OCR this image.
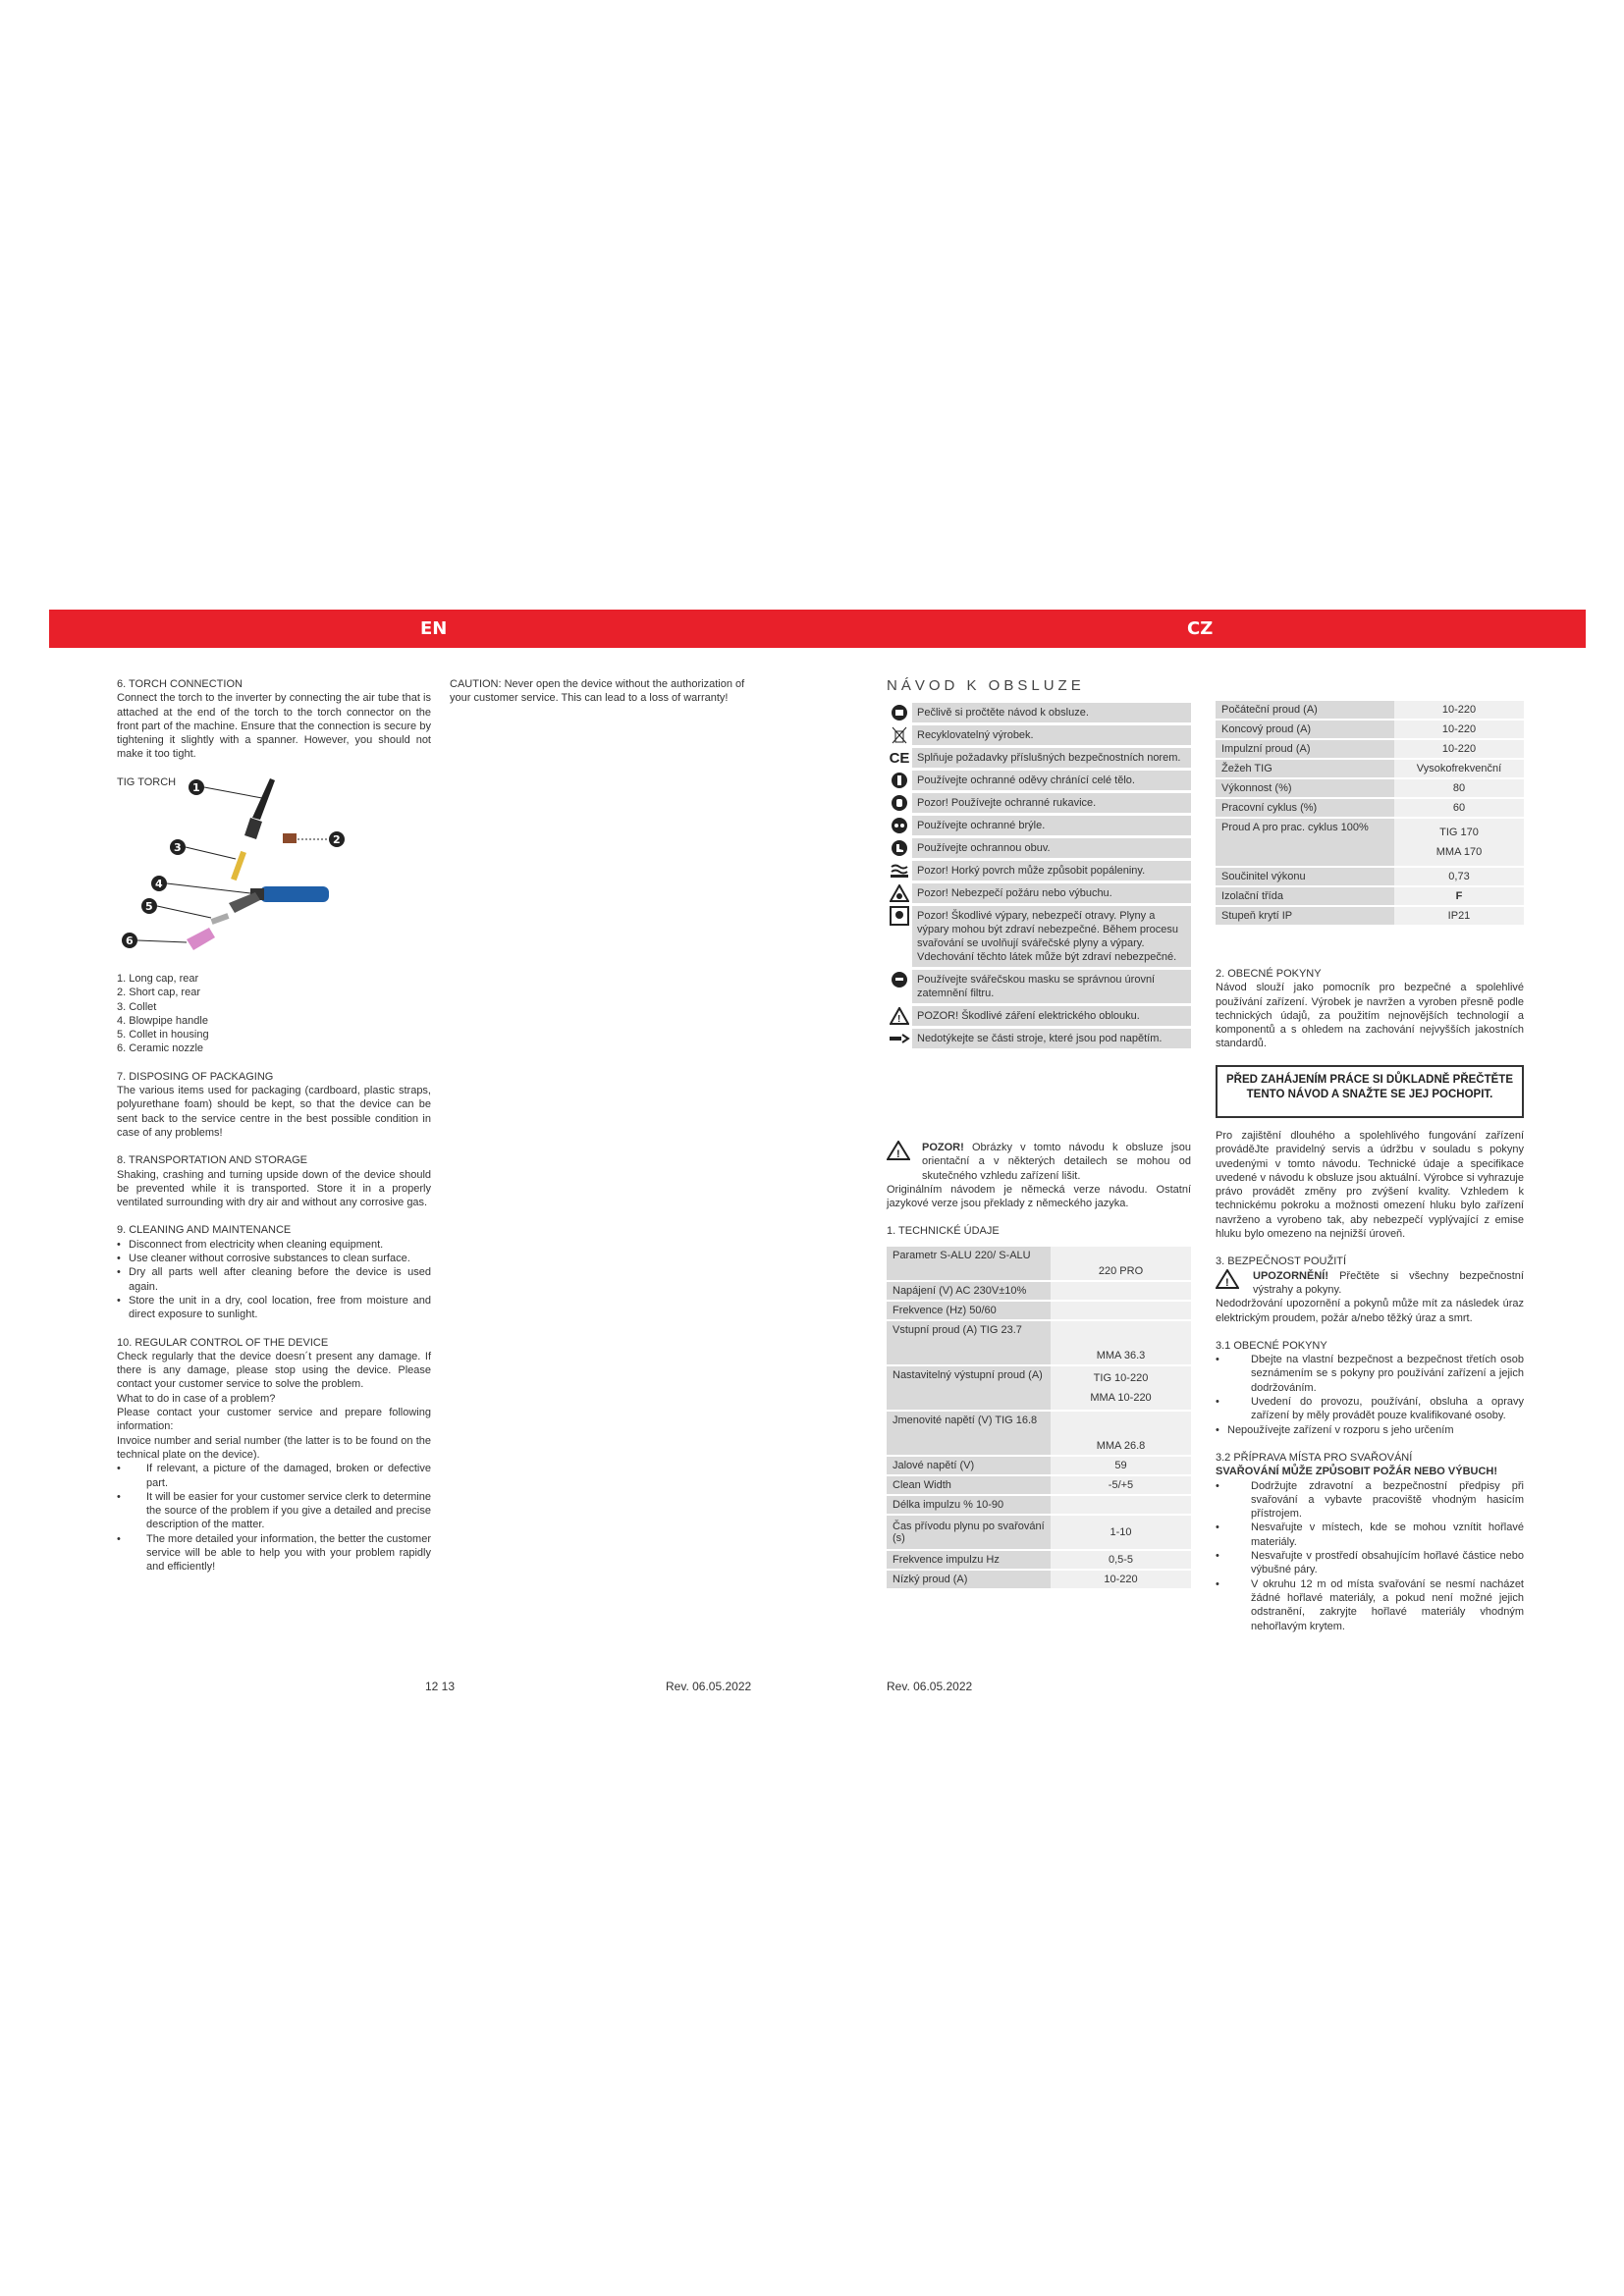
EN	CZ

6. TORCH CONNECTION

Connect the torch to the inverter by connecting the air tube that is attached at the end of the torch to the torch connector on the front part of the machine. Ensure that the connection is secure by tightening it slightly with a spanner. However, you should not make it too tight.

TIG TORCH	1
2
3
4
5
6
1. Long cap, rear
2. Short cap, rear
3. Collet
4. Blowpipe handle
5. Collet in housing
6. Ceramic nozzle

7. DISPOSING OF PACKAGING

The various items used for packaging (cardboard, plastic straps, polyurethane foam) should be kept, so that the device can be sent back to the service centre in the best possible condition in case of any problems!

8. TRANSPORTATION AND STORAGE

Shaking, crashing and turning upside down of the device should be prevented while it is transported. Store it in a properly ventilated surrounding with dry air and without any corrosive gas.

9. CLEANING AND MAINTENANCE

• Disconnect from electricity when cleaning equipment.
• Use cleaner without corrosive substances to clean surface.
• Dry all parts well after cleaning before the device is used again.
• Store the unit in a dry, cool location, free from moisture and direct exposure to sunlight.

10. REGULAR CONTROL OF THE DEVICE

Check regularly that the device doesn´t present any damage. If there is any damage, please stop using the device. Please contact your customer service to solve the problem.

What to do in case of a problem?

Please contact your customer service and prepare following information:

Invoice number and serial number (the latter is to be found on the technical plate on the device).

• If relevant, a picture of the damaged, broken or defective part.
• It will be easier for your customer service clerk to determine the source of the problem if you give a detailed and precise description of the matter.
• The more detailed your information, the better the customer service will be able to help you with your problem rapidly and efficiently!

CAUTION: Never open the device without the authorization of your customer service. This can lead to a loss of warranty!

12 13	Rev. 06.05.2022	Rev. 06.05.2022
NÁVOD K OBSLUZE
Pečlivě si pročtěte návod k obsluze.
Recyklovatelný výrobek.
CE Splňuje požadavky příslušných bezpečnostních norem.
Používejte ochranné oděvy chránící celé tělo.
Pozor! Používejte ochranné rukavice.
Používejte ochranné brýle.
Používejte ochrannou obuv.
Pozor! Horký povrch může způsobit popáleniny.
Pozor! Nebezpečí požáru nebo výbuchu.
Pozor! Škodlivé výpary, nebezpečí otravy. Plyny a výpary mohou být zdraví nebezpečné. Během procesu svařování se uvolňují svářečské plyny a výpary. Vdechování těchto látek může být zdraví nebezpečné.
Používejte svářečskou masku se správnou úrovní zatemnění filtru.
!	POZOR! Škodlivé záření elektrického oblouku.
Nedotýkejte se části stroje, které jsou pod napětím.
!

POZOR! Obrázky v tomto návodu k obsluze jsou orientační a v některých detailech se mohou od skutečného vzhledu zařízení lišit.

Originálním návodem je německá verze návodu. Ostatní jazykové verze jsou překlady z německého jazyka.

1. TECHNICKÉ ÚDAJE

Parametr S-ALU 220/ S-ALU	220 PRO
Napájení (V) AC 230V±10%	
Frekvence (Hz) 50/60	
Vstupní proud (A) TIG 23.7	MMA 36.3
Nastavitelný výstupní proud (A)	TIG 10-220
MMA 10-220

Jmenovité napětí (V) TIG 16.8	MMA 26.8
Jalové napětí (V)	59
Clean Width	-5/+5
Délka impulzu % 10-90	
Čas přívodu plynu po svařování (s)	1-10
Frekvence impulzu Hz	0,5-5
Nízký proud (A)	10-220
Počáteční proud (A)	10-220
Koncový proud (A)	10-220
Impulzní proud (A)	10-220
Žežeh TIG	Vysokofrekvenční
Výkonnost (%)	80
Pracovní cyklus (%)	60
Proud A pro prac. cyklus 100%	TIG 170
MMA 170

Součinitel výkonu	0,73
Izolační třída	F
Stupeň krytí IP	IP21

2. OBECNÉ POKYNY

Návod slouží jako pomocník pro bezpečné a spolehlivé používání zařízení. Výrobek je navržen a vyroben přesně podle technických údajů, za použitím nejnovějších technologií a komponentů a s ohledem na zachování nejvyšších jakostních standardů.

PŘED ZAHÁJENÍM PRÁCE SI DŮKLADNĚ PŘEČTĚTE TENTO NÁVOD A SNAŽTE SE JEJ POCHOPIT.

Pro zajištění dlouhého a spolehlivého fungování zařízení prováděJte pravidelný servis a údržbu v souladu s pokyny uvedenými v tomto návodu. Technické údaje a specifikace uvedené v návodu k obsluze jsou aktuální. Výrobce si vyhrazuje právo provádět změny pro zvýšení kvality. Vzhledem k technickému pokroku a možnosti omezení hluku bylo zařízení navrženo a vyrobeno tak, aby nebezpečí vyplývající z emise hluku bylo omezeno na nejnižší úroveň.

3. BEZPEČNOST POUŽITÍ

!

UPOZORNĚNÍ! Přečtěte si všechny bezpečnostní výstrahy a pokyny.

Nedodržování upozornění a pokynů může mít za následek úraz elektrickým proudem, požár a/nebo těžký úraz a smrt.

3.1 OBECNÉ POKYNY

• Dbejte na vlastní bezpečnost a bezpečnost třetích osob seznámením se s pokyny pro používání zařízení a jejich dodržováním.
• Uvedení do provozu, používání, obsluha a opravy zařízení by měly provádět pouze kvalifikované osoby.
• Nepoužívejte zařízení v rozporu s jeho určením

3.2 PŘÍPRAVA MÍSTA PRO SVAŘOVÁNÍ

SVAŘOVÁNÍ MŮŽE ZPŮSOBIT POŽÁR NEBO VÝBUCH!

• Dodržujte zdravotní a bezpečnostní předpisy při svařování a vybavte pracoviště vhodným hasicím přístrojem.
• Nesvařujte v místech, kde se mohou vznítit hořlavé materiály.
• Nesvařujte v prostředí obsahujícím hořlavé částice nebo výbušné páry.
• V okruhu 12 m od místa svařování se nesmí nacházet žádné hořlavé materiály, a pokud není možné jejich odstranění, zakryjte hořlavé materiály vhodným nehořlavým krytem.
